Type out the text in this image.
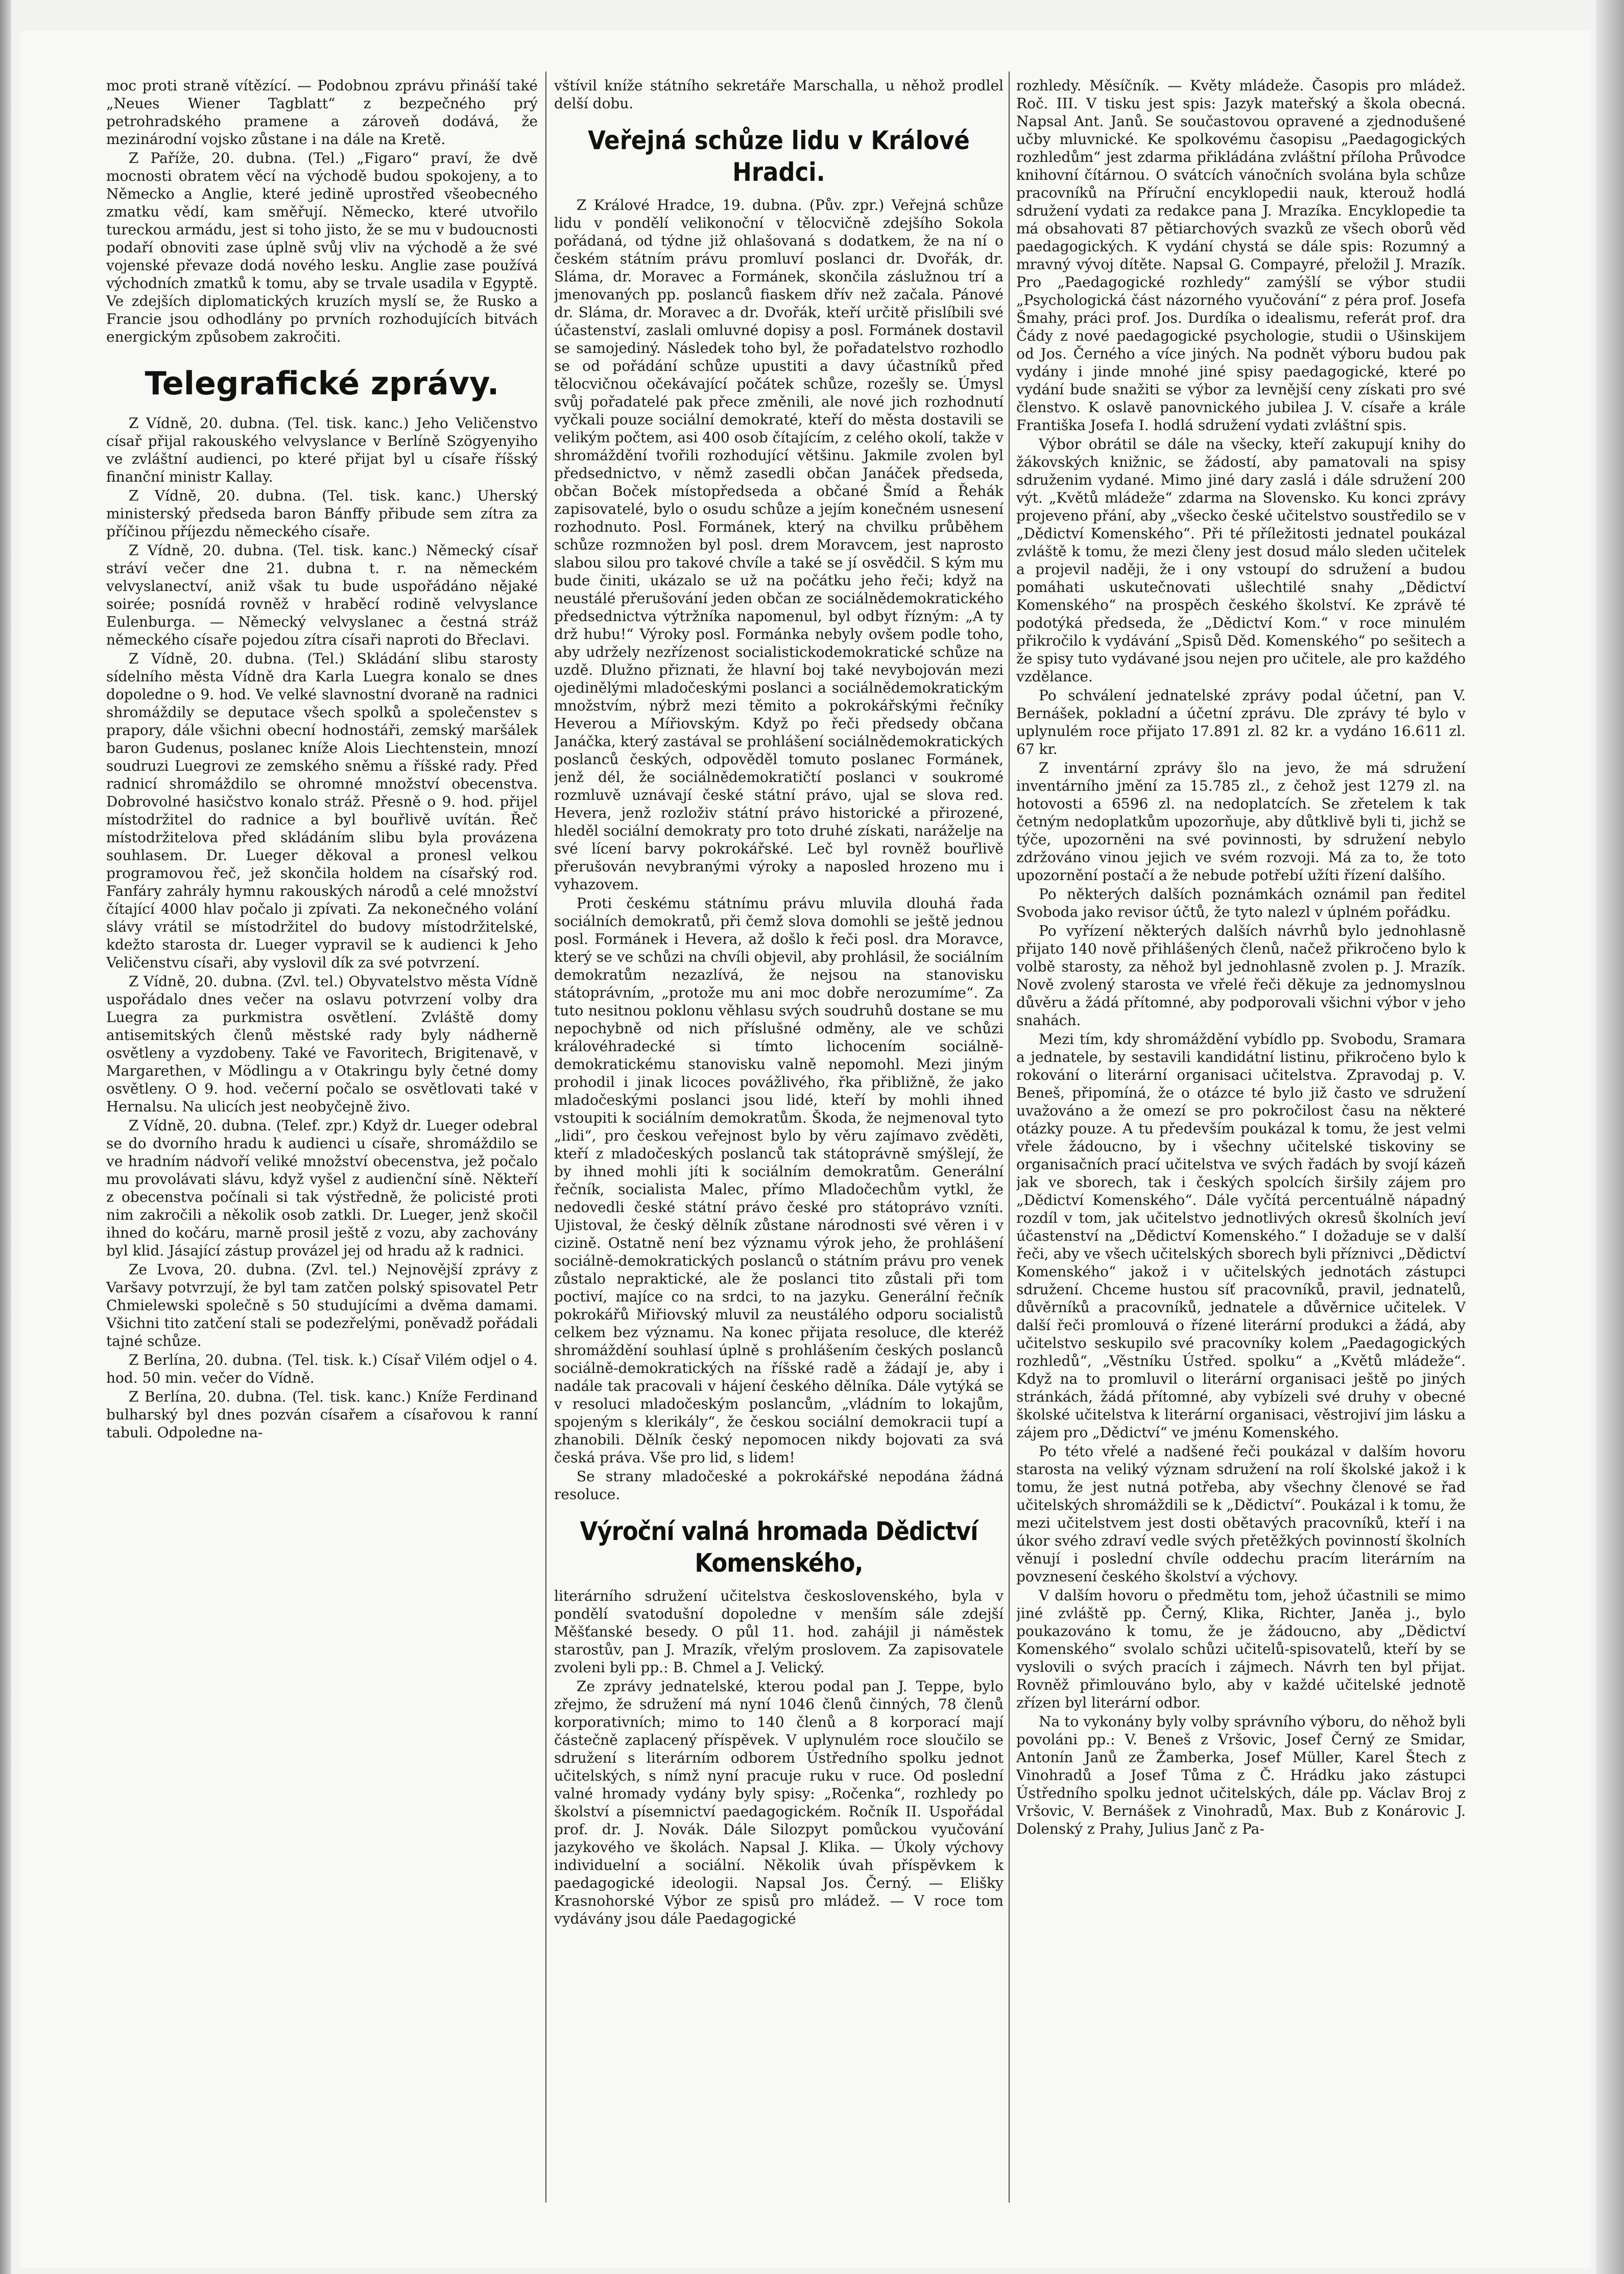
moc proti straně vítězící. — Podobnou zprávu přináší také „Neues Wiener Tagblatt“ z bezpečného prý petrohradského pramene a zároveň dodává, že mezinárodní vojsko zůstane i na dále na Kretě.

Z Paříže, 20. dubna. (Tel.) „Figaro“ praví, že dvě mocnosti obratem věcí na východě budou spokojeny, a to Německo a Anglie, které jedině uprostřed všeobecného zmatku vědí, kam směřují. Německo, které utvořilo tureckou armádu, jest si toho jisto, že se mu v budoucnosti podaří obnoviti zase úplně svůj vliv na východě a že své vojenské převaze dodá nového lesku. Anglie zase používá východních zmatků k tomu, aby se trvale usadila v Egyptě. Ve zdejších diplomatických kruzích myslí se, že Rusko a Francie jsou odhodlány po prvních rozhodujících bitvách energickým způsobem zakročiti.

Telegrafické zprávy.

Z Vídně, 20. dubna. (Tel. tisk. kanc.) Jeho Veličenstvo císař přijal rakouského velvyslance v Berlíně Szögyenyiho ve zvláštní audienci, po které přijat byl u císaře říšský finanční ministr Kallay.

Z Vídně, 20. dubna. (Tel. tisk. kanc.) Uherský ministerský předseda baron Bánffy přibude sem zítra za příčinou příjezdu německého císaře.

Z Vídně, 20. dubna. (Tel. tisk. kanc.) Německý císař stráví večer dne 21. dubna t. r. na německém velvyslanectví, aniž však tu bude uspořádáno nějaké soirée; posnídá rovněž v hraběcí rodině velvyslance Eulenburga. — Německý velvyslanec a čestná stráž německého císaře pojedou zítra císaři naproti do Břeclavi.

Z Vídně, 20. dubna. (Tel.) Skládání slibu starosty sídelního města Vídně dra Karla Luegra konalo se dnes dopoledne o 9. hod. Ve velké slavnostní dvoraně na radnici shromáždily se deputace všech spolků a společenstev s prapory, dále všichni obecní hodnostáři, zemský maršálek baron Gudenus, poslanec kníže Alois Liechtenstein, mnozí soudruzi Luegrovi ze zemského sněmu a říšské rady. Před radnicí shromáždilo se ohromné množství obecenstva. Dobrovolné hasičstvo konalo stráž. Přesně o 9. hod. přijel místodržitel do radnice a byl bouřlivě uvítán. Řeč místodržitelova před skládáním slibu byla provázena souhlasem. Dr. Lueger děkoval a pronesl velkou programovou řeč, jež skončila holdem na císařský rod. Fanfáry zahrály hymnu rakouských národů a celé množství čítající 4000 hlav počalo ji zpívati. Za nekonečného volání slávy vrátil se místodržitel do budovy místodržitelské, kdežto starosta dr. Lueger vypravil se k audienci k Jeho Veličenstvu císaři, aby vyslovil dík za své potvrzení.

Z Vídně, 20. dubna. (Zvl. tel.) Obyvatelstvo města Vídně uspořádalo dnes večer na oslavu potvrzení volby dra Luegra za purkmistra osvětlení. Zvláště domy antisemitských členů městské rady byly nádherně osvětleny a vyzdobeny. Také ve Favoritech, Brigitenavě, v Margarethen, v Mödlingu a v Otakringu byly četné domy osvětleny. O 9. hod. večerní počalo se osvětlovati také v Hernalsu. Na ulicích jest neobyčejně živo.

Z Vídně, 20. dubna. (Telef. zpr.) Když dr. Lueger odebral se do dvorního hradu k audienci u císaře, shromáždilo se ve hradním nádvoří veliké množství obecenstva, jež počalo mu provolávati slávu, když vyšel z audienční síně. Někteří z obecenstva počínali si tak výstředně, že policisté proti nim zakročili a několik osob zatkli. Dr. Lueger, jenž skočil ihned do kočáru, marně prosil ještě z vozu, aby zachovány byl klid. Jásající zástup provázel jej od hradu až k radnici.

Ze Lvova, 20. dubna. (Zvl. tel.) Nejnovější zprávy z Varšavy potvrzují, že byl tam zatčen polský spisovatel Petr Chmielewski společně s 50 studujícími a dvěma damami. Všichni tito zatčení stali se podezřelými, poněvadž pořádali tajné schůze.

Z Berlína, 20. dubna. (Tel. tisk. k.) Císař Vilém odjel o 4. hod. 50 min. večer do Vídně.

Z Berlína, 20. dubna. (Tel. tisk. kanc.) Kníže Ferdinand bulharský byl dnes pozván císařem a císařovou k ranní tabuli. Odpoledne na-

vštívil kníže státního sekretáře Marschalla, u něhož prodlel delší dobu.

Veřejná schůze lidu v Králové Hradci.

Z Králové Hradce, 19. dubna. (Pův. zpr.) Veřejná schůze lidu v pondělí velikonoční v tělocvičně zdejšího Sokola pořádaná, od týdne již ohlašovaná s dodatkem, že na ní o českém státním právu promluví poslanci dr. Dvořák, dr. Slámа, dr. Moravec a Formánek, skončila záslužnou trí a jmenovaných pp. poslanců fiaskem dřív než začala. Pánové dr. Sláma, dr. Moravec a dr. Dvořák, kteří určitě přislíbili své účastenství, zaslali omluvné dopisy a posl. Formánek dostavil se samojediný. Následek toho byl, že pořadatelstvo rozhodlo se od pořádání schůze upustiti a davy účastníků před tělocvičnou očekávající počátek schůze, rozešly se. Úmysl svůj pořadatelé pak přece změnili, ale nové jich rozhodnutí vyčkali pouze sociální demokraté, kteří do města dostavili se velikým počtem, asi 400 osob čítajícím, z celého okolí, takže v shromáždění tvořili rozhodující většinu. Jakmile zvolen byl předsednictvo, v němž zasedli občan Janáček předseda, občan Boček místopředseda a občané Šmíd a Řehák zapisovatelé, bylo o osudu schůze a jejím konečném usnesení rozhodnuto. Posl. Formánek, který na chvilku průběhem schůze rozmnožen byl posl. drem Moravcem, jest naprosto slabou silou pro takové chvíle a také se jí osvědčil. S kým mu bude činiti, ukázalo se už na počátku jeho řeči; když na neustálé přerušování jeden občan ze sociálnědemokratického předsednictva výtržníka napomenul, byl odbyt řízným: „A ty drž hubu!“ Výroky posl. Formánka nebyly ovšem podle toho, aby udržely nezřízenost socialistickodemokratické schůze na uzdě. Dlužno přiznati, že hlavní boj také nevybojován mezi ojedinělými mladočeskými poslanci a sociálnědemokratickým množstvím, nýbrž mezi těmito a pokrokářskými řečníky Heverou a Mířiovským. Když po řeči předsedy občana Janáčka, který zastával se prohlášení sociálnědemokratických poslanců českých, odpověděl tomuto poslanec Formánek, jenž dél, že sociálnědemokratičtí poslanci v soukromé rozmluvě uznávají české státní právo, ujal se slova red. Hevera, jenž rozloživ státní právo historické a přirozené, hleděl sociální demokraty pro toto druhé získati, naráželje na své lícení barvy pokrokářské. Leč byl rovněž bouřlivě přerušován nevybranými výroky a naposled hrozeno mu i vyhazovem.

Proti českému státnímu právu mluvila dlouhá řada sociálních demokratů, při čemž slova domohli se ještě jednou posl. Formánek i Hevera, až došlo k řeči posl. dra Moravce, který se ve schůzi na chvíli objevil, aby prohlásil, že sociálním demokratům nezazlívá, že nejsou na stanovisku státoprávním, „protože mu ani moc dobře nerozumíme“. Za tuto nesitnou poklonu věhlasu svých soudruhů dostane se mu nepochybně od nich příslušné odměny, ale ve schůzi královéhradecké si tímto lichocením sociálně-demokratickému stanovisku valně nepomohl. Mezi jiným prohodil i jinak licoces povážlivého, řka přibližně, že jako mladočeskými poslanci jsou lidé, kteří by mohli ihned vstoupiti k sociálním demokratům. Škoda, že nejmenoval tyto „lidi“, pro českou veřejnost bylo by věru zajímavo zvěděti, kteří z mladočeských poslanců tak státoprávně smýšlejí, že by ihned mohli jíti k sociálním demokratům. Generální řečník, socialista Malec, přímo Mladočechům vytkl, že nedovedli české státní právo české pro státoprávo vzníti. Ujistoval, že český dělník zůstane národnosti své věren i v cizině. Ostatně není bez významu výrok jeho, že prohlášení sociálně-demokratických poslanců o státním právu pro venek zůstalo nepraktické, ale že poslanci tito zůstali při tom poctiví, majíce co na srdci, to na jazyku. Generální řečník pokrokářů Miřiovský mluvil za neustálého odporu socialistů celkem bez významu. Na konec přijata resoluce, dle kteréž shromáždění souhlasí úplně s prohlášením českých poslanců sociálně-demokratických na říšské radě a žádají je, aby i nadále tak pracovali v hájení českého dělníka. Dále vytýká se v resoluci mladočeským poslancům, „vládním to lokajům, spojeným s klerikály“, že českou sociální demokracii tupí a zhanobili. Dělník český nepomocen nikdy bojovati za svá česká práva. Vše pro lid, s lidem!

Se strany mladočeské a pokrokářské nepodána žádná resoluce.

Výroční valná hromada Dědictví Komenského,

literárního sdružení učitelstva československého, byla v pondělí svatodušní dopoledne v menším sále zdejší Měšťanské besedy. O půl 11. hod. zahájil ji náměstek starostův, pan J. Mrazík, vřelým proslovem. Za zapisovatele zvoleni byli pp.: B. Chmel a J. Velický.

Ze zprávy jednatelské, kterou podal pan J. Teppe, bylo zřejmo, že sdružení má nyní 1046 členů činných, 78 členů korporativních; mimo to 140 členů a 8 korporací mají částečně zaplacený příspěvek. V uplynulém roce sloučilo se sdružení s literárním odborem Ústředního spolku jednot učitelských, s nímž nyní pracuje ruku v ruce. Od poslední valné hromady vydány byly spisy: „Ročenka“, rozhledy po školství a písemnictví paedagogickém. Ročník II. Uspořádal prof. dr. J. Novák. Dále Silozpyt pomůckou vyučování jazykového ve školách. Napsal J. Klika. — Úkoly výchovy individuelní a sociální. Několik úvah příspěvkem k paedagogické ideologii. Napsal Jos. Černý. — Elišky Krasnohorské Výbor ze spisů pro mládež. — V roce tom vydávány jsou dále Paedagogické

rozhledy. Měsíčník. — Květy mládeže. Časopis pro mládež. Roč. III. V tisku jest spis: Jazyk mateřský a škola obecná. Napsal Ant. Janů. Se součastovou opravené a zjednodušené učby mluvnické. Ke spolkovému časopisu „Paedagogických rozhledům“ jest zdarma přikládána zvláštní příloha Průvodce knihovní čítárnou. O svátcích vánočních svolána byla schůze pracovníků na Příruční encyklopedii nauk, kterouž hodlá sdružení vydati za redakce pana J. Mrazíka. Encyklopedie ta má obsahovati 87 pětiarchových svazků ze všech oborů věd paedagogických. K vydání chystá se dále spis: Rozumný a mravný vývoj dítěte. Napsal G. Compayré, přeložil J. Mrazík. Pro „Paedagogické rozhledy“ zamýšlí se výbor studii „Psychologická část názorného vyučování“ z péra prof. Josefa Šmahy, práci prof. Jos. Durdíka o idealismu, referát prof. dra Čády z nové paedagogické psychologie, studii o Ušinskijem od Jos. Černého a více jiných. Na podnět výboru budou pak vydány i jinde mnohé jiné spisy paedagogické, které po vydání bude snažiti se výbor za levnější ceny získati pro své členstvo. K oslavě panovnického jubilea J. V. císaře a krále Františka Josefa I. hodlá sdružení vydati zvláštní spis.

Výbor obrátil se dále na všecky, kteří zakupují knihy do žákovských knižnic, se žádostí, aby pamatovali na spisy sdruženim vydané. Mimo jiné dary zaslá i dále sdružení 200 výt. „Květů mládeže“ zdarma na Slovensko. Ku konci zprávy projeveno přání, aby „všecko české učitelstvo soustředilo se v „Dědictví Komenského“. Při té příležitosti jednatel poukázal zvláště k tomu, že mezi členy jest dosud málo sleden učitelek a projevil naději, že i ony vstoupí do sdružení a budou pomáhati uskutečnovati ušlechtilé snahy „Dědictví Komenského“ na prospěch českého školství. Ke zprávě té podotýká předseda, že „Dědictví Kom.“ v roce minulém přikročilo k vydávání „Spisů Děd. Komenského“ po sešitech a že spisy tuto vydávané jsou nejen pro učitele, ale pro každého vzdělance.

Po schválení jednatelské zprávy podal účetní, pan V. Bernášek, pokladní a účetní zprávu. Dle zprávy té bylo v uplynulém roce přijato 17.891 zl. 82 kr. a vydáno 16.611 zl. 67 kr.

Z inventární zprávy šlo na jevo, že má sdružení inventárního jmění za 15.785 zl., z čehož jest 1279 zl. na hotovosti a 6596 zl. na nedoplatcích. Se zřetelem k tak četným nedoplatkům upozorňuje, aby důtklivě byli ti, jichž se týče, upozorněni na své povinnosti, by sdružení nebylo zdržováno vinou jejich ve svém rozvoji. Má za to, že toto upozornění postačí a že nebude potřebí užíti řízení dalšího.

Po některých dalších poznámkách oznámil pan ředitel Svoboda jako revisor účtů, že tyto nalezl v úplném pořádku.

Po vyřízení některých dalších návrhů bylo jednohlasně přijato 140 nově přihlášených členů, načež přikročeno bylo k volbě starosty, za něhož byl jednohlasně zvolen p. J. Mrazík. Nově zvolený starosta ve vřelé řeči děkuje za jednomyslnou důvěru a žádá přítomné, aby podporovali všichni výbor v jeho snahách.

Mezi tím, kdy shromáždění vybídlo pp. Svobodu, Sramara a jednatele, by sestavili kandidátní listinu, přikročeno bylo k rokování o literární organisaci učitelstva. Zpravodaj p. V. Beneš, připomíná, že o otázce té bylo již často ve sdružení uvažováno a že omezí se pro pokročilost času na některé otázky pouze. A tu především poukázal k tomu, že jest velmi vřele žádoucno, by i všechny učitelské tiskoviny se organisačních prací učitelstva ve svých řadách by svojí kázeň jak ve sborech, tak i českých spolcích širšily zájem pro „Dědictví Komenského“. Dále vyčítá percentuálně nápadný rozdíl v tom, jak učitelstvo jednotlivých okresů školních jeví účastenství na „Dědictví Komenského.“ I dožaduje se v další řeči, aby ve všech učitelských sborech byli příznivci „Dědictví Komenského“ jakož i v učitelských jednotách zástupci sdružení. Chceme hustou síť pracovníků, pravil, jednatelů, důvěrníků a pracovníků, jednatele a důvěrnice učitelek. V další řeči promlouvá o řízené literární produkci a žádá, aby učitelstvo seskupilo své pracovníky kolem „Paedagogických rozhledů“, „Věstníku Ústřed. spolku“ a „Květů mládeže“. Když na to promluvil o literární organisaci ještě po jiných stránkách, žádá přítomné, aby vybízeli své druhy v obecné školské učitelstva k literární organisaci, věstrojiví jim lásku a zájem pro „Dědictví“ ve jménu Komenského.

Po této vřelé a nadšené řeči poukázal v dalším hovoru starosta na veliký význam sdružení na rolí školské jakož i k tomu, že jest nutná potřeba, aby všechny členové se řad učitelských shromáždili se k „Dědictví“. Poukázal i k tomu, že mezi učitelstvem jest dosti obětavých pracovníků, kteří i na úkor svého zdraví vedle svých přetěžkých povinností školních věnují i poslední chvíle oddechu pracím literárním na povznesení českého školství a výchovy.

V dalším hovoru o předmětu tom, jehož účastnili se mimo jiné zvláště pp. Černý, Klika, Richter, Janěa j., bylo poukazováno k tomu, že je žádoucno, aby „Dědictví Komenského“ svolalo schůzi učitelů-spisovatelů, kteří by se vyslovili o svých pracích i zájmech. Návrh ten byl přijat. Rovněž přimlouváno bylo, aby v každé učitelské jednotě zřízen byl literární odbor.

Na to vykonány byly volby správního výboru, do něhož byli povoláni pp.: V. Beneš z Vršovic, Josef Černý ze Smidar, Antonín Janů ze Žamberka, Josef Müller, Karel Štech z Vinohradů a Josef Tůma z Č. Hrádku jako zástupci Ústředního spolku jednot učitelských, dále pp. Václav Broj z Vršovic, V. Bernášek z Vinohradů, Max. Bub z Konárovic J. Dolenský z Prahy, Julius Janč z Pa-
